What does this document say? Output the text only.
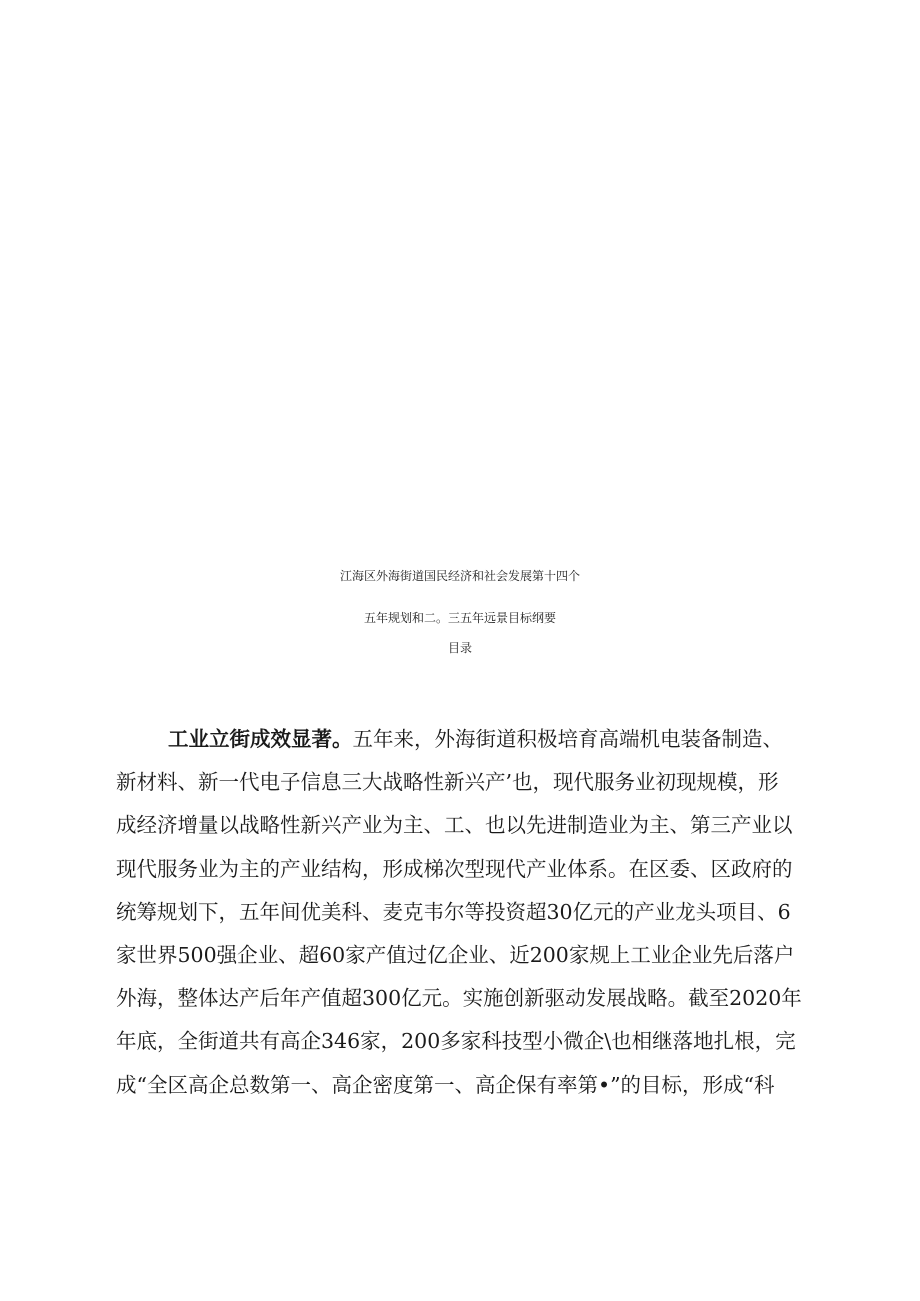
江海区外海街道国民经济和社会发展第十四个
五年规划和二。三五年远景目标纲要
目录
工业立街成效显著。五年来，外海街道积极培育高端机电装备制造、
新材料、新一代电子信息三大战略性新兴产’也，现代服务业初现规模，形
成经济增量以战略性新兴产业为主、工、也以先进制造业为主、第三产业以
现代服务业为主的产业结构，形成梯次型现代产业体系。在区委、区政府的
统筹规划下，五年间优美科、麦克韦尔等投资超30亿元的产业龙头项目、6
家世界500强企业、超60家产值过亿企业、近200家规上工业企业先后落户
外海，整体达产后年产值超300亿元。实施创新驱动发展战略。截至2020年
年底，全街道共有高企346家，200多家科技型小微企\也相继落地扎根，完
成“全区高企总数第一、高企密度第一、高企保有率第•”的目标，形成“科
